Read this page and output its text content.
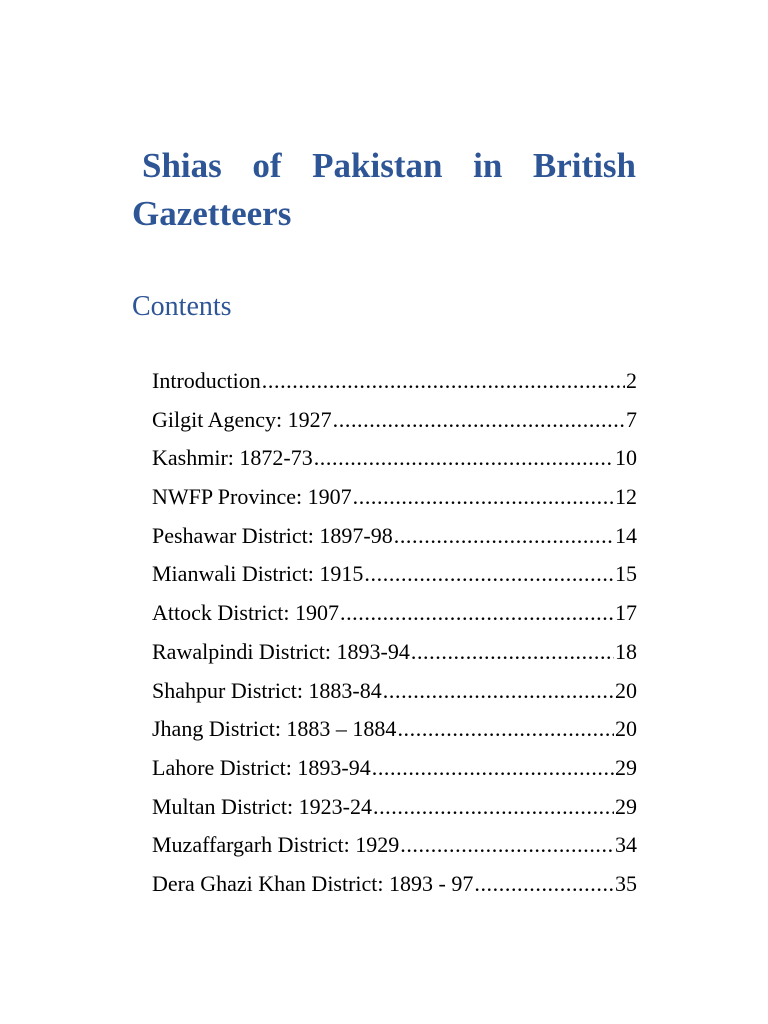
Shias of Pakistan in British
Gazetteers
Contents
Introduction .....	2
Gilgit Agency: 1927 .....	7
Kashmir: 1872-73 .....	10
NWFP Province: 1907 .....	12
Peshawar District: 1897-98 .....	14
Mianwali District: 1915 .....	15
Attock District: 1907 .....	17
Rawalpindi District: 1893-94 .....	18
Shahpur District: 1883-84 .....	20
Jhang District: 1883 – 1884 .....	20
Lahore District: 1893-94 .....	29
Multan District: 1923-24 .....	29
Muzaffargarh District: 1929 .....	34
Dera Ghazi Khan District: 1893 - 97 .....	35
